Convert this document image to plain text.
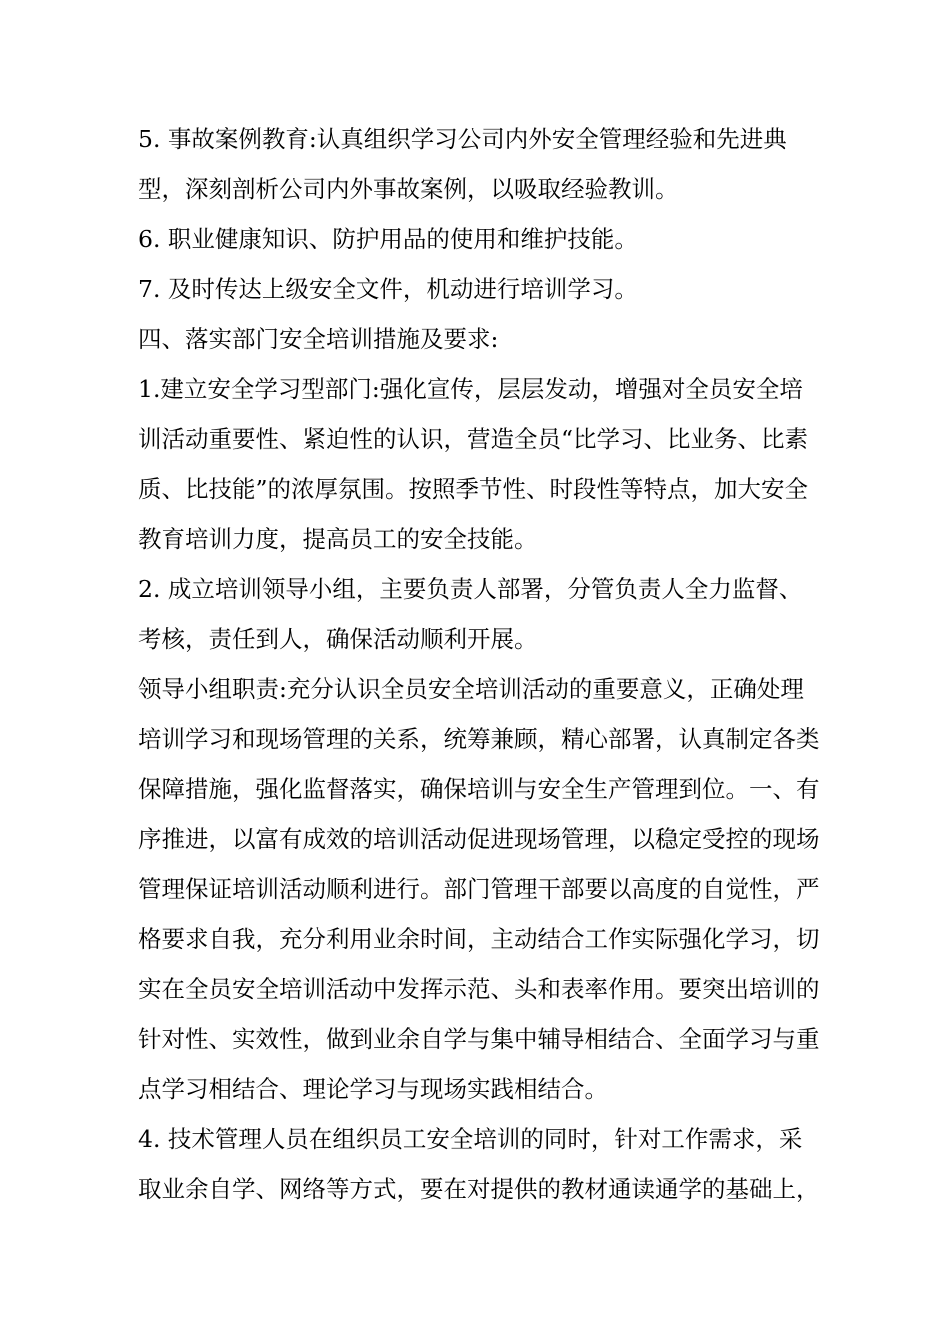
5. 事故案例教育:认真组织学习公司内外安全管理经验和先进典
型，深刻剖析公司内外事故案例，以吸取经验教训。
6. 职业健康知识、防护用品的使用和维护技能。
7. 及时传达上级安全文件，机动进行培训学习。
四、落实部门安全培训措施及要求:
1.建立安全学习型部门:强化宣传，层层发动，增强对全员安全培
训活动重要性、紧迫性的认识，营造全员“比学习、比业务、比素
质、比技能”的浓厚氛围。按照季节性、时段性等特点，加大安全
教育培训力度，提高员工的安全技能。
2. 成立培训领导小组，主要负责人部署，分管负责人全力监督、
考核，责任到人，确保活动顺利开展。
领导小组职责:充分认识全员安全培训活动的重要意义，正确处理
培训学习和现场管理的关系，统筹兼顾，精心部署，认真制定各类
保障措施，强化监督落实，确保培训与安全生产管理到位。一、有
序推进，以富有成效的培训活动促进现场管理，以稳定受控的现场
管理保证培训活动顺利进行。部门管理干部要以高度的自觉性，严
格要求自我，充分利用业余时间，主动结合工作实际强化学习，切
实在全员安全培训活动中发挥示范、头和表率作用。要突出培训的
针对性、实效性，做到业余自学与集中辅导相结合、全面学习与重
点学习相结合、理论学习与现场实践相结合。
4. 技术管理人员在组织员工安全培训的同时，针对工作需求，采
取业余自学、网络等方式，要在对提供的教材通读通学的基础上，
